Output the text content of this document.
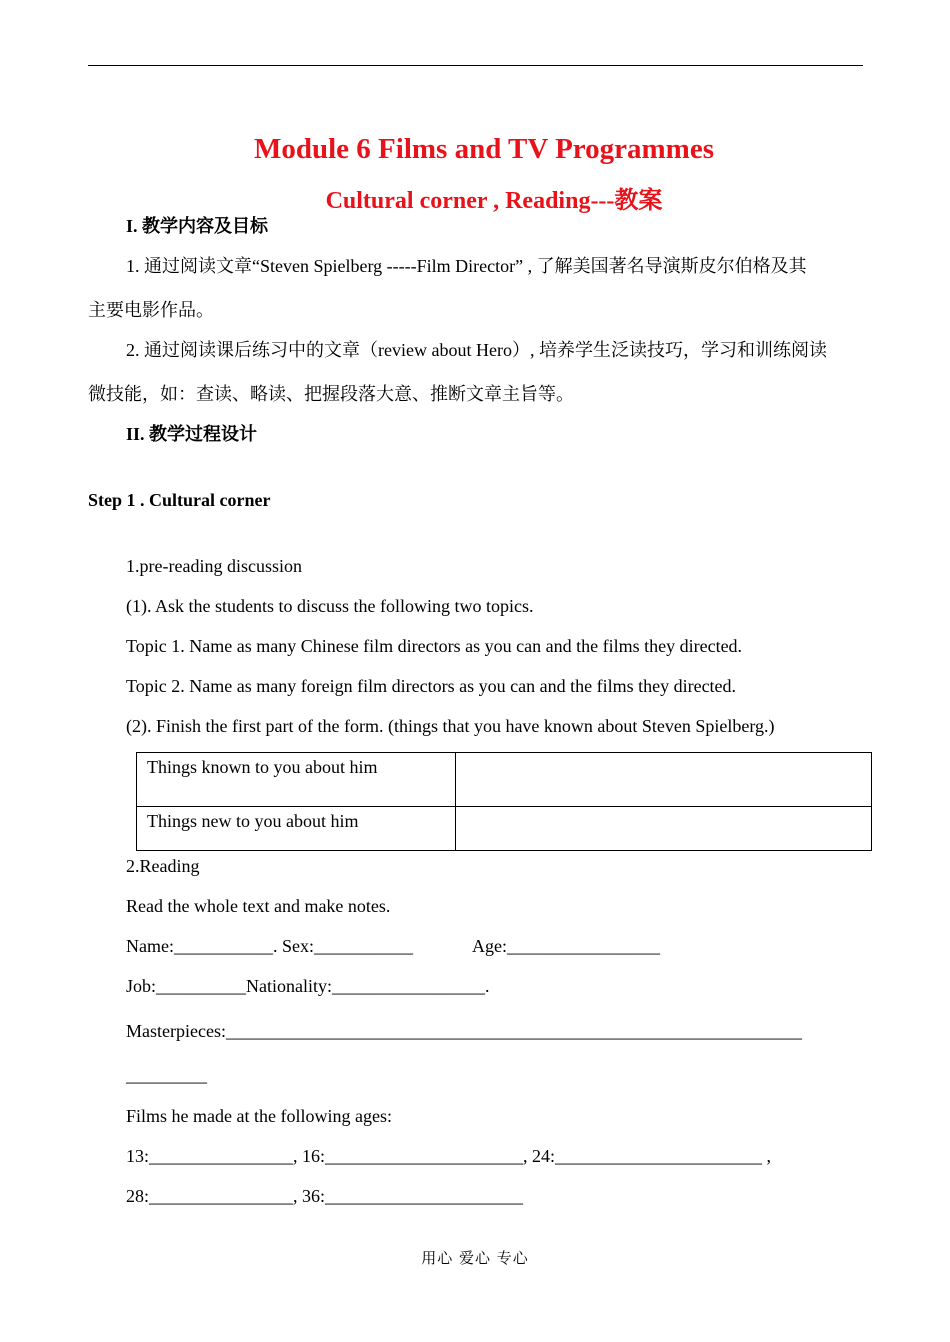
Module 6 Films and TV Programmes
Cultural corner , Reading---教案
I. 教学内容及目标
1. 通过阅读文章“Steven Spielberg -----Film Director” , 了解美国著名导演斯皮尔伯格及其
主要电影作品。
2. 通过阅读课后练习中的文章（review about Hero）, 培养学生泛读技巧，学习和训练阅读
微技能，如：查读、略读、把握段落大意、推断文章主旨等。
II. 教学过程设计
Step 1 . Cultural corner
1.pre-reading discussion
(1). Ask the students to discuss the following two topics.
Topic 1. Name as many Chinese film directors as you can and the films they directed.
Topic 2. Name as many foreign film directors as you can and the films they directed.
(2). Finish the first part of the form. (things that you have known about Steven Spielberg.)
Things known to you about him	
Things new to you about him	
2.Reading
Read the whole text and make notes.
Name:___________. Sex:___________	Age:_________________
Job:__________Nationality:_________________.
Masterpieces:________________________________________________________________
_________
Films he made at the following ages:
13:________________, 16:______________________, 24:_______________________ ,
28:________________, 36:______________________
用心 爱心 专心
